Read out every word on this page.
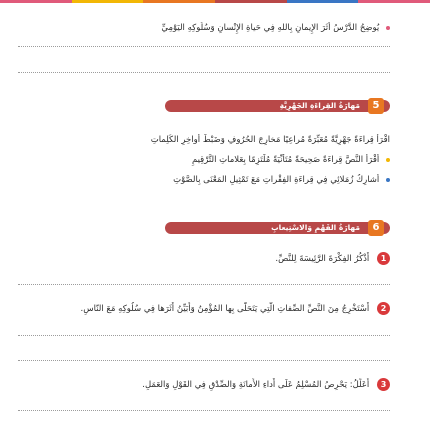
يُوضِحُ الدَّرْسُ أَثَرَ الإِيمانِ بِاللهِ فِي حَياةِ الإِنْسانِ وَسُلُوكِهِ اليَوْمِيِّ
5
مَهارَةُ القِراءَةِ الجَهْرِيَّةِ
اقْرَأْ قِراءَةً جَهْرِيَّةً مُعَبِّرَةً مُراعِيًا مَخارِجَ الحُرُوفِ وَضَبْطَ أَواخِرِ الكَلِماتِ
أَقْرَأُ النَّصَّ قِراءَةً صَحِيحَةً مُتَأَنِّيَةً مُلْتَزِمًا بِعَلاماتِ التَّرْقِيمِ
أُشارِكُ زُمَلائِي فِي قِراءَةِ الفِقْراتِ مَعَ تَمْثِيلِ المَعْنَى بِالصَّوْتِ
6
مَهارَةُ الفَهْمِ وَالاسْتِيعابِ
1 أَذْكُرُ الفِكْرَةَ الرَّئِيسَةَ لِلنَّصِّ.
2 أَسْتَخْرِجُ مِنَ النَّصِّ الصِّفاتِ الَّتِي يَتَحَلَّى بِها المُؤْمِنُ وَأُبَيِّنُ أَثَرَها فِي سُلُوكِهِ مَعَ النّاسِ.
3 أُعَلِّلُ: يَحْرِصُ المُسْلِمُ عَلَى أَداءِ الأَمانَةِ وَالصِّدْقِ فِي القَوْلِ وَالعَمَلِ.
